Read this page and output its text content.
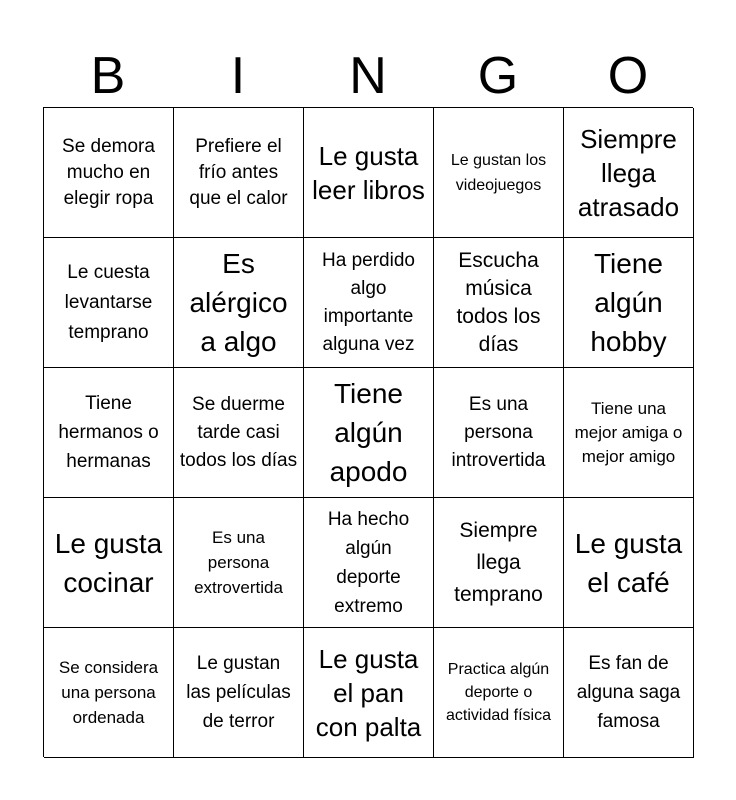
B	I	N	G	O
Se demora mucho en elegir ropa
Prefiere el frío antes que el calor
Le gusta leer libros
Le gustan los videojuegos
Siempre llega atrasado
Le cuesta levantarse temprano
Es alérgico a algo
Ha perdido algo importante alguna vez
Escucha música todos los días
Tiene algún hobby
Tiene hermanos o hermanas
Se duerme tarde casi todos los días
Tiene algún apodo
Es una persona introvertida
Tiene una mejor amiga o mejor amigo
Le gusta cocinar
Es una persona extrovertida
Ha hecho algún deporte extremo
Siempre llega temprano
Le gusta el café
Se considera una persona ordenada
Le gustan las películas de terror
Le gusta el pan con palta
Practica algún deporte o actividad física
Es fan de alguna saga famosa
